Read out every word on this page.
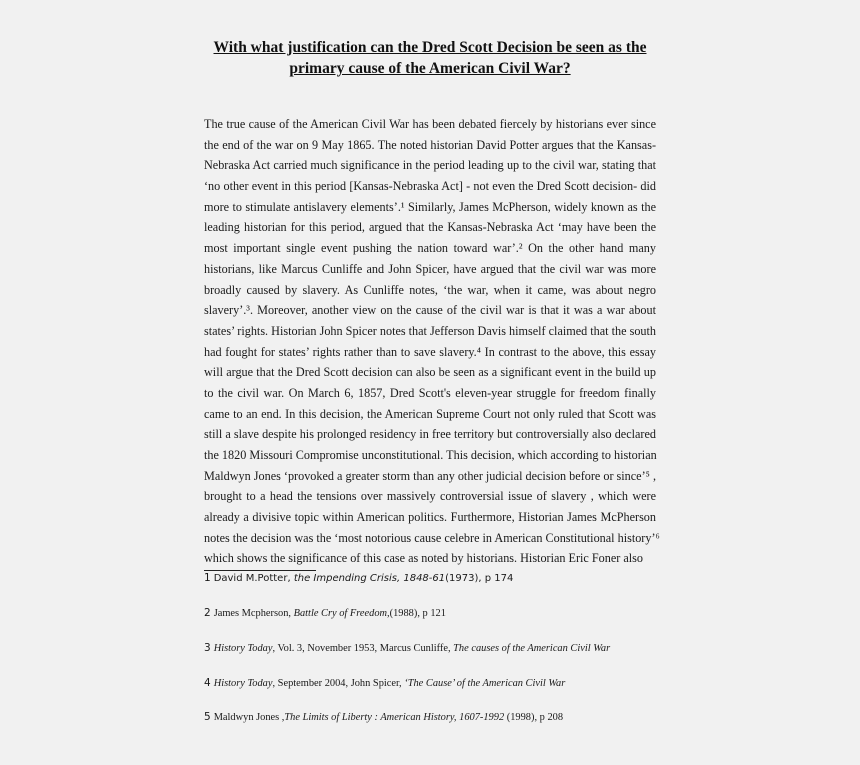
With what justification can the Dred Scott Decision be seen as the
primary cause of the American Civil War?
The true cause of the American Civil War has been debated fiercely by historians ever since
the end of the war on 9 May 1865. The noted historian David Potter argues that the Kansas-
Nebraska Act carried much significance in the period leading up to the civil war, stating that
‘no other event in this period [Kansas-Nebraska Act] - not even the Dred Scott decision- did
more to stimulate antislavery elements’.¹ Similarly, James McPherson, widely known as the
leading historian for this period, argued that the Kansas-Nebraska Act ‘may have been the
most important single event pushing the nation toward war’.² On the other hand many
historians, like Marcus Cunliffe and John Spicer, have argued that the civil war was more
broadly caused by slavery. As Cunliffe notes, ‘the war, when it came, was about negro
slavery’.³. Moreover, another view on the cause of the civil war is that it was a war about
states’ rights. Historian John Spicer notes that Jefferson Davis himself claimed that the south
had fought for states’ rights rather than to save slavery.⁴ In contrast to the above, this essay
will argue that the Dred Scott decision can also be seen as a significant event in the build up
to the civil war. On March 6, 1857, Dred Scott's eleven-year struggle for freedom finally
came to an end. In this decision, the American Supreme Court not only ruled that Scott was
still a slave despite his prolonged residency in free territory but controversially also declared
the 1820 Missouri Compromise unconstitutional. This decision, which according to historian
Maldwyn Jones ‘provoked a greater storm than any other judicial decision before or since’⁵ ,
brought to a head the tensions over massively controversial issue of slavery , which were
already a divisive topic within American politics. Furthermore, Historian James McPherson
notes the decision was the ‘most notorious cause celebre in American Constitutional history’⁶
which shows the significance of this case as noted by historians. Historian Eric Foner also
1 David M.Potter, the Impending Crisis, 1848-61(1973), p 174
2 James Mcpherson, Battle Cry of Freedom,(1988), p 121
3 History Today, Vol. 3, November 1953, Marcus Cunliffe, The causes of the American Civil War
4 History Today, September 2004, John Spicer, ‘The Cause’ of the American Civil War
5 Maldwyn Jones ,The Limits of Liberty : American History, 1607-1992 (1998), p 208
